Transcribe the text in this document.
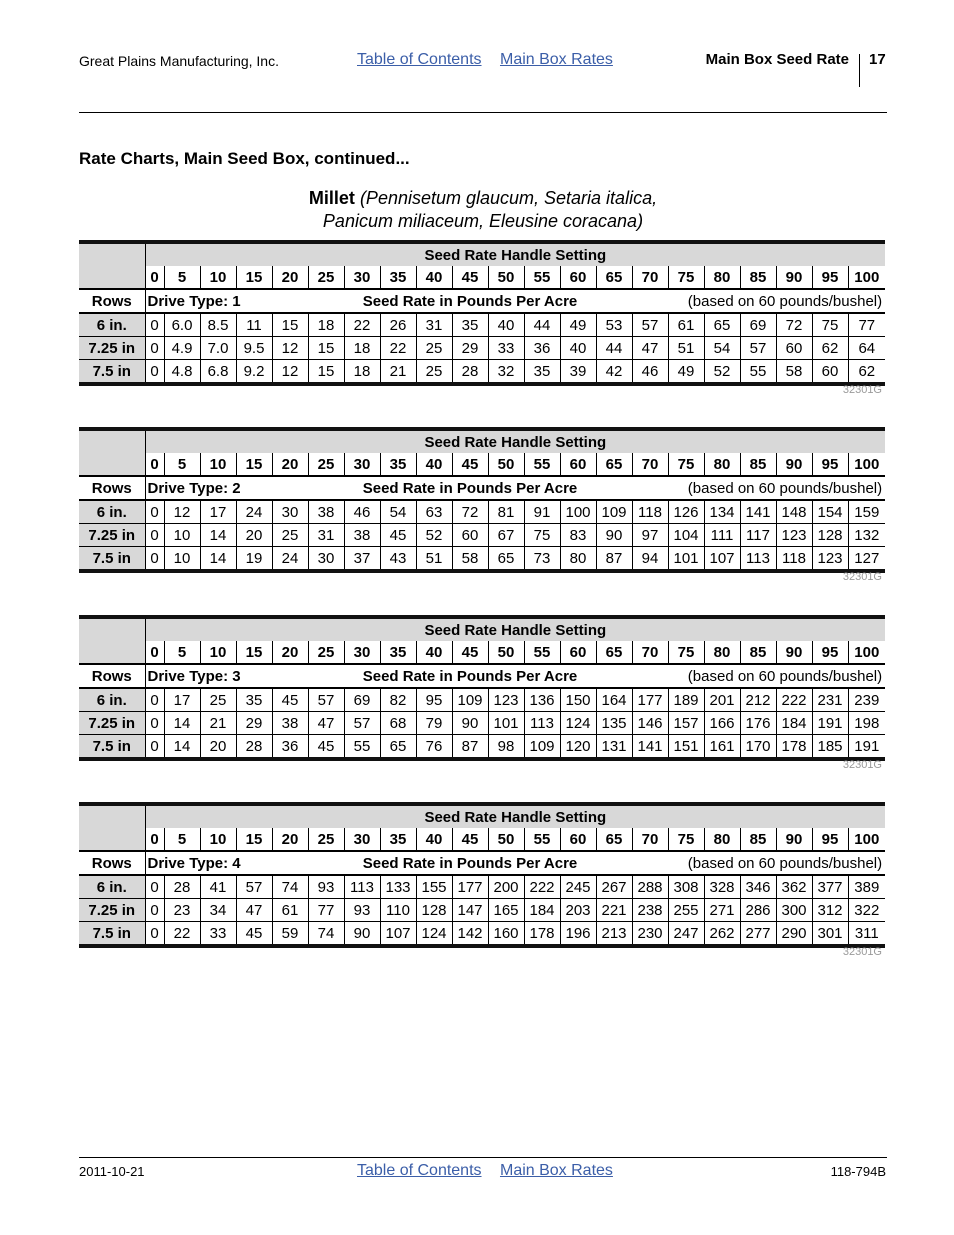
Great Plains Manufacturing, Inc.	Table of Contents Main Box Rates	Main Box Seed Rate 17
Rate Charts, Main Seed Box, continued...
Millet (Pennisetum glaucum, Setaria italica,
Panicum miliaceum, Eleusine coracana)
	Seed Rate Handle Setting																				
	0	5	10	15	20	25	30	35	40	45	50	55	60	65	70	75	80	85	90	95	100
Rows	Drive Type: 1						Seed Rate in Pounds Per Acre							(based on 60 pounds/bushel)							
6 in.	0	6.0	8.5	11	15	18	22	26	31	35	40	44	49	53	57	61	65	69	72	75	77
7.25 in	0	4.9	7.0	9.5	12	15	18	22	25	29	33	36	40	44	47	51	54	57	60	62	64
7.5 in	0	4.8	6.8	9.2	12	15	18	21	25	28	32	35	39	42	46	49	52	55	58	60	62
32301G
	Seed Rate Handle Setting																				
	0	5	10	15	20	25	30	35	40	45	50	55	60	65	70	75	80	85	90	95	100
Rows	Drive Type: 2						Seed Rate in Pounds Per Acre							(based on 60 pounds/bushel)							
6 in.	0	12	17	24	30	38	46	54	63	72	81	91	100	109	118	126	134	141	148	154	159
7.25 in	0	10	14	20	25	31	38	45	52	60	67	75	83	90	97	104	111	117	123	128	132
7.5 in	0	10	14	19	24	30	37	43	51	58	65	73	80	87	94	101	107	113	118	123	127
32301G
	Seed Rate Handle Setting																				
	0	5	10	15	20	25	30	35	40	45	50	55	60	65	70	75	80	85	90	95	100
Rows	Drive Type: 3						Seed Rate in Pounds Per Acre							(based on 60 pounds/bushel)							
6 in.	0	17	25	35	45	57	69	82	95	109	123	136	150	164	177	189	201	212	222	231	239
7.25 in	0	14	21	29	38	47	57	68	79	90	101	113	124	135	146	157	166	176	184	191	198
7.5 in	0	14	20	28	36	45	55	65	76	87	98	109	120	131	141	151	161	170	178	185	191
32301G
	Seed Rate Handle Setting																				
	0	5	10	15	20	25	30	35	40	45	50	55	60	65	70	75	80	85	90	95	100
Rows	Drive Type: 4						Seed Rate in Pounds Per Acre							(based on 60 pounds/bushel)							
6 in.	0	28	41	57	74	93	113	133	155	177	200	222	245	267	288	308	328	346	362	377	389
7.25 in	0	23	34	47	61	77	93	110	128	147	165	184	203	221	238	255	271	286	300	312	322
7.5 in	0	22	33	45	59	74	90	107	124	142	160	178	196	213	230	247	262	277	290	301	311
32301G
2011-10-21	Table of Contents Main Box Rates	118-794B
